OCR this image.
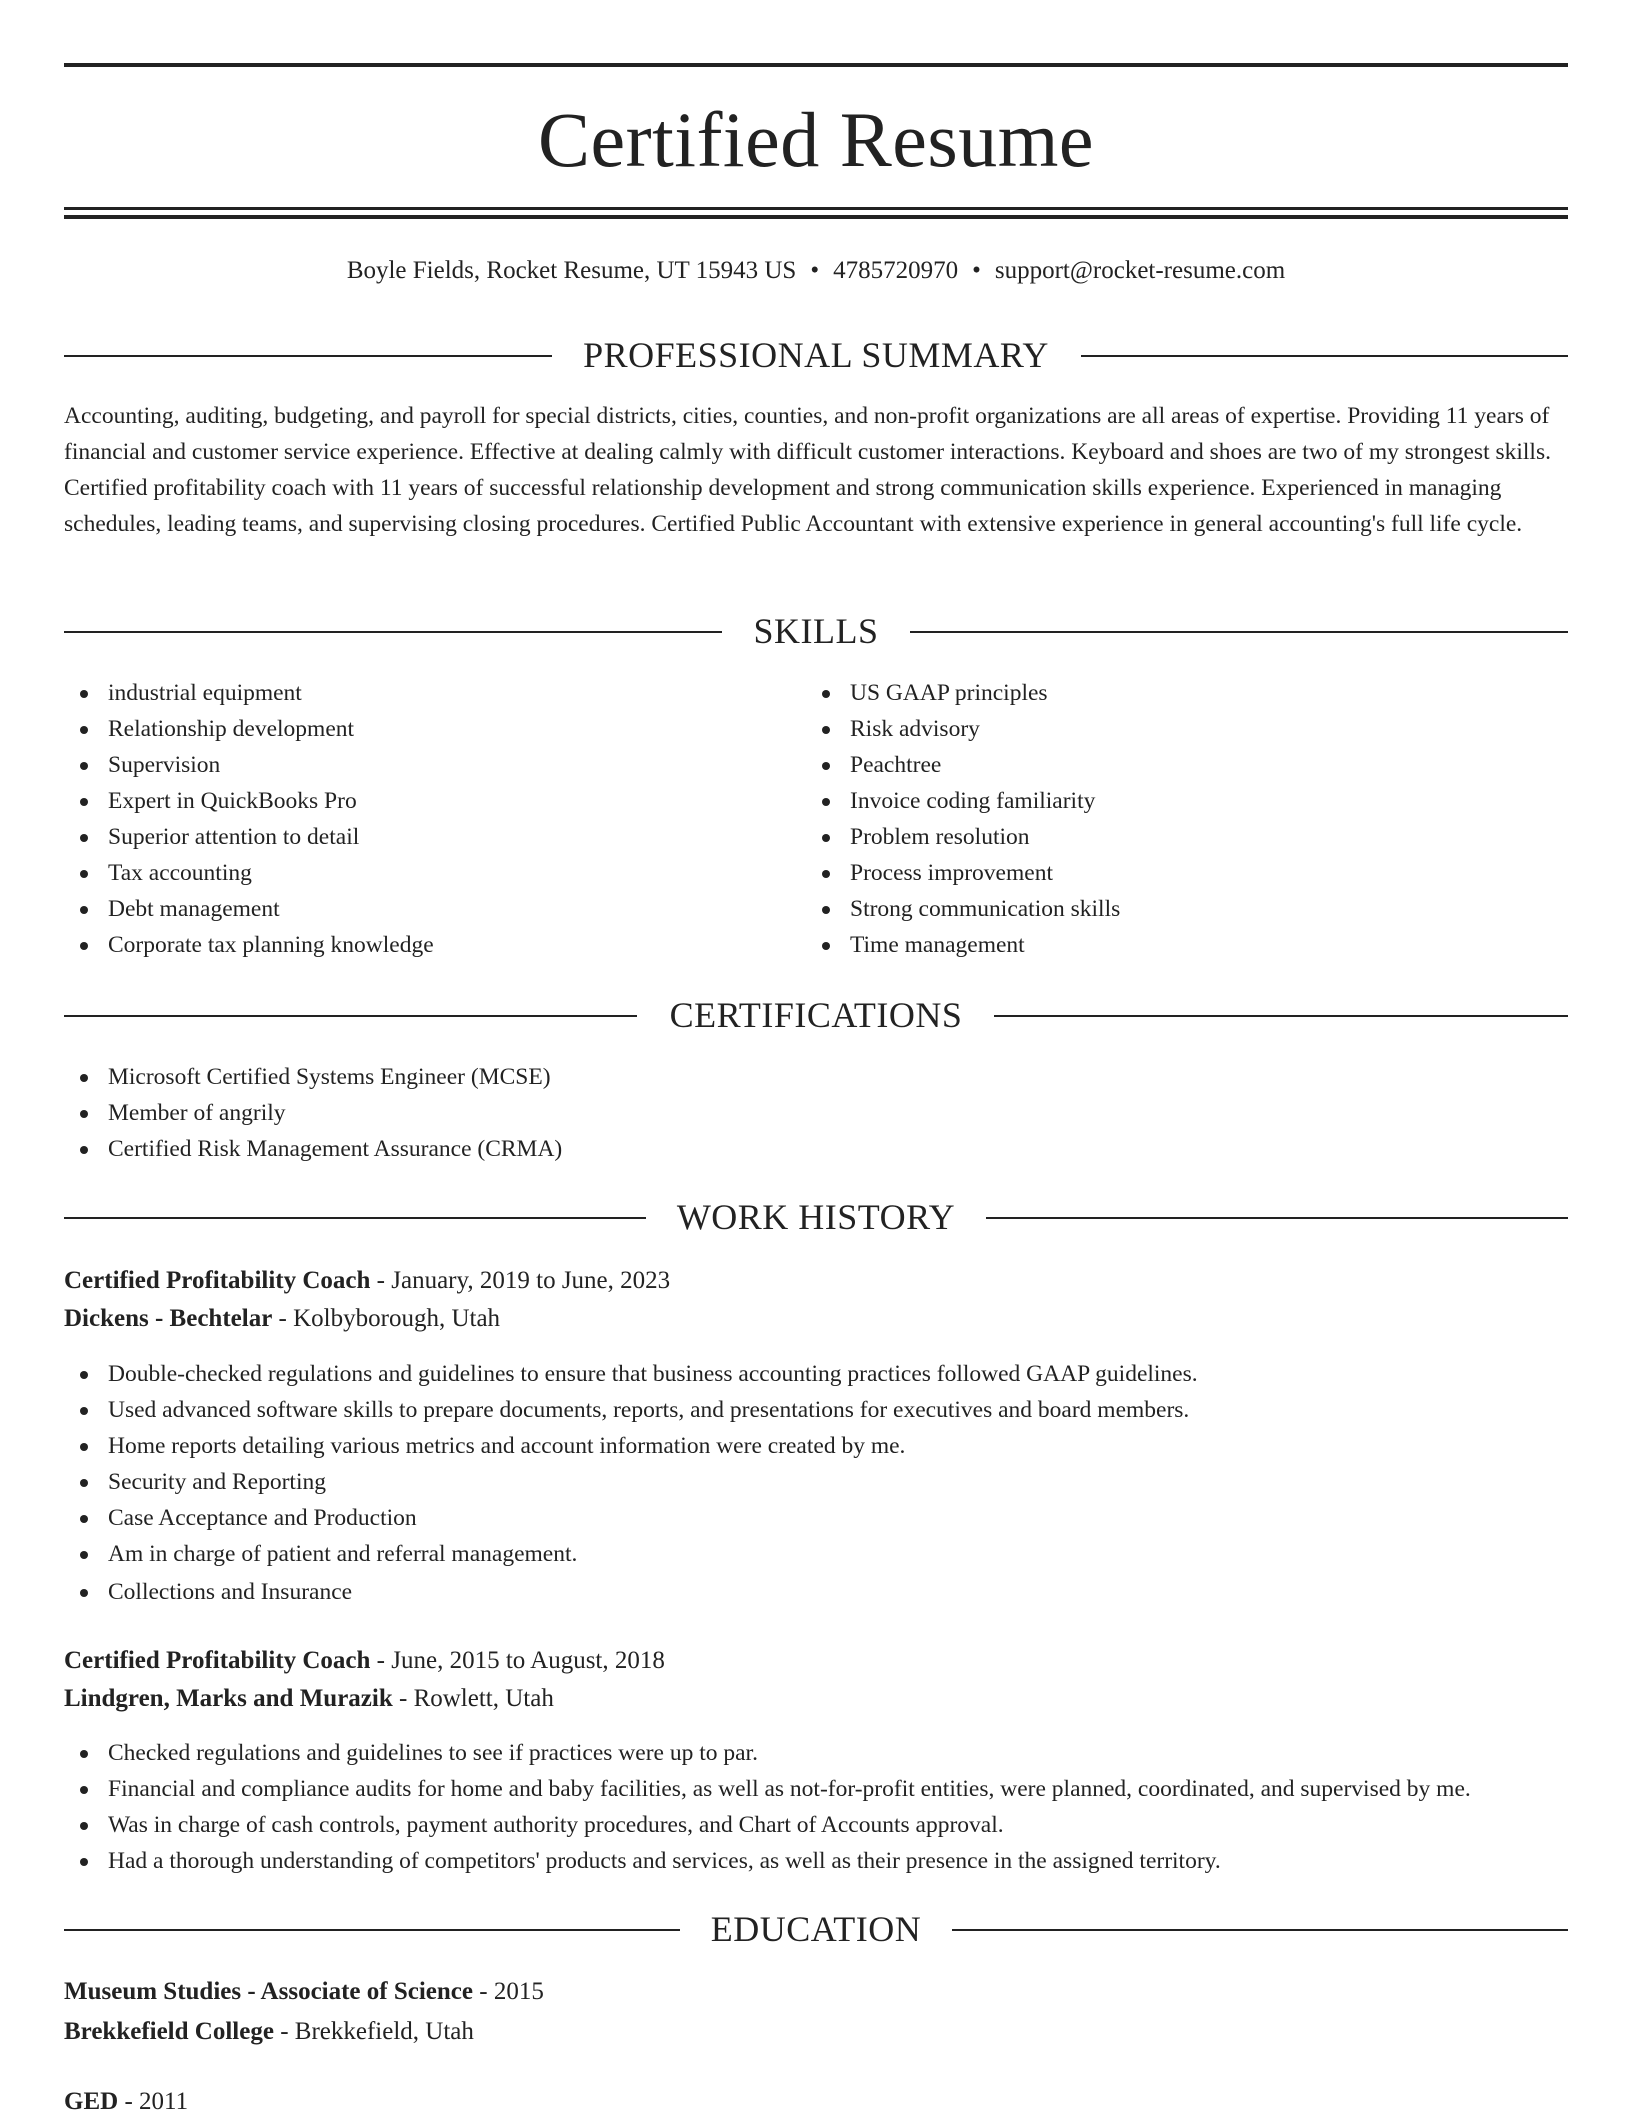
Certified Resume
Boyle Fields, Rocket Resume, UT 15943 US • 4785720970 • support@rocket-resume.com
PROFESSIONAL SUMMARY

Accounting, auditing, budgeting, and payroll for special districts, cities, counties, and non-profit organizations are all areas of expertise. Providing 11 years of financial and customer service experience. Effective at dealing calmly with difficult customer interactions. Keyboard and shoes are two of my strongest skills. Certified profitability coach with 11 years of successful relationship development and strong communication skills experience. Experienced in managing schedules, leading teams, and supervising closing procedures. Certified Public Accountant with extensive experience in general accounting's full life cycle.

SKILLS
industrial equipment
Relationship development
Supervision
Expert in QuickBooks Pro
Superior attention to detail
Tax accounting
Debt management
Corporate tax planning knowledge
US GAAP principles
Risk advisory
Peachtree
Invoice coding familiarity
Problem resolution
Process improvement
Strong communication skills
Time management
CERTIFICATIONS
Microsoft Certified Systems Engineer (MCSE)
Member of angrily
Certified Risk Management Assurance (CRMA)
WORK HISTORY
Certified Profitability Coach - January, 2019 to June, 2023
Dickens - Bechtelar - Kolbyborough, Utah
Double-checked regulations and guidelines to ensure that business accounting practices followed GAAP guidelines.
Used advanced software skills to prepare documents, reports, and presentations for executives and board members.
Home reports detailing various metrics and account information were created by me.
Security and Reporting
Case Acceptance and Production
Am in charge of patient and referral management.
Collections and Insurance
Certified Profitability Coach - June, 2015 to August, 2018
Lindgren, Marks and Murazik - Rowlett, Utah
Checked regulations and guidelines to see if practices were up to par.
Financial and compliance audits for home and baby facilities, as well as not-for-profit entities, were planned, coordinated, and supervised by me.
Was in charge of cash controls, payment authority procedures, and Chart of Accounts approval.
Had a thorough understanding of competitors' products and services, as well as their presence in the assigned territory.
EDUCATION
Museum Studies - Associate of Science - 2015
Brekkefield College - Brekkefield, Utah
GED - 2011
